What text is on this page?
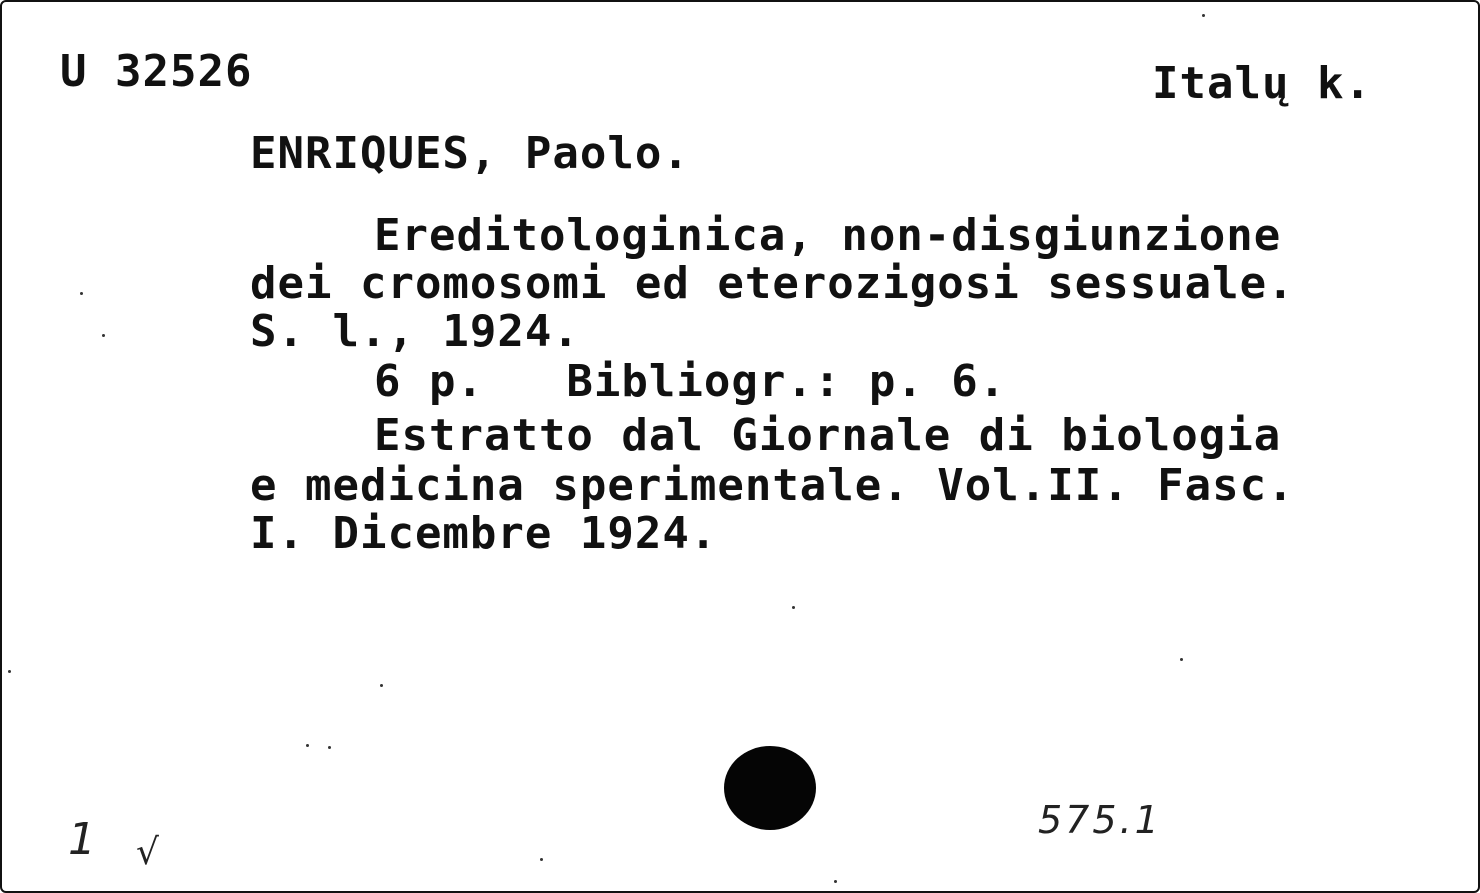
U 32526	Italų k.
ENRIQUES, Paolo.
Ereditologinica, non-disgiunzione
dei cromosomi ed eterozigosi sessuale.
S. l., 1924.
6 p.   Bibliogr.: p. 6.
Estratto dal Giornale di biologia
e medicina sperimentale. Vol.II. Fasc.
I. Dicembre 1924.
1 √
575.1
